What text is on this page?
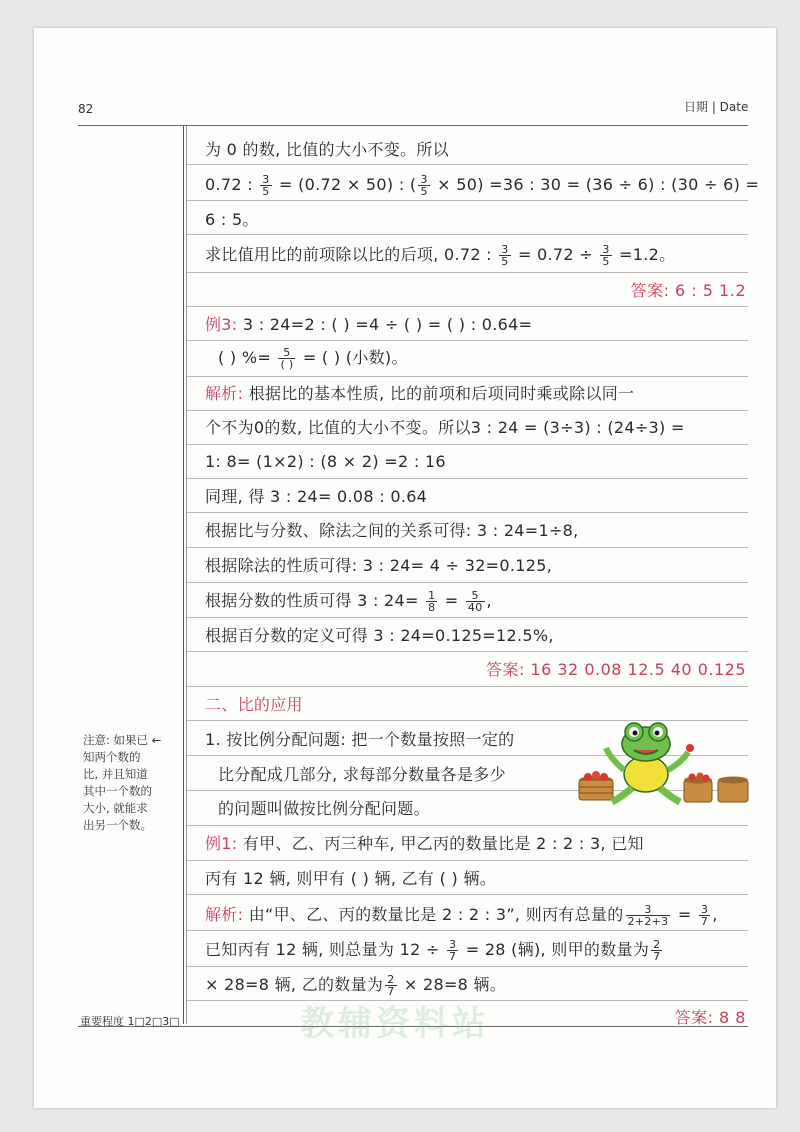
82	日期 | Date
为 0 的数, 比值的大小不变。所以
0.72 : $\frac{3}{5} = (0.72 \times 50)$ : ( $\frac{3}{5} \times 50) =36$ : 30 = (36 ÷ 6) : (30 ÷ 6) =
6 : 5。
求比值用比的前项除以比的后项, 0.72 : $\frac{3}{5} = 0.72 \div \frac{3}{5} =1.2$。
答案: 6 : 5 1.2
例3: 3 : 24=2 : ( ) =4 ÷ ( ) = ( ) : 0.64=
( ) %= $\frac{5}{( )}$ = ( ) (小数)。
解析: 根据比的基本性质, 比的前项和后项同时乘或除以同一
个不为0的数, 比值的大小不变。所以3 : 24 = (3÷3) : (24÷3) =
1: 8= (1×2) : (8 × 2) =2 : 16
同理, 得 3 : 24= 0.08 : 0.64
根据比与分数、除法之间的关系可得: 3 : 24=1÷8,
根据除法的性质可得: 3 : 24= 4 ÷ 32=0.125,
根据分数的性质可得 3 : $24= \frac{1}{8} = \frac{5}{40}$ ,
根据百分数的定义可得 3 : 24=0.125=12.5%,
答案: 16 32 0.08 12.5 40 0.125
二、比的应用
1. 按比例分配问题: 把一个数量按照一定的
比分配成几部分, 求每部分数量各是多少
的问题叫做按比例分配问题。
例1: 有甲、乙、丙三种车, 甲乙丙的数量比是 2 : 2 : 3, 已知
丙有 12 辆, 则甲有 ( ) 辆, 乙有 ( ) 辆。
解析: 由“甲、乙、丙的数量比是 2 : 2 : 3”, 则丙有总量的 $\frac{3}{2+2+3} = \frac{3}{7}$ ,
已知丙有 12 辆, 则总量为 $12 \div \frac{3}{7} = 28$ (辆), 则甲的数量为 $\frac{2}{7}$
× 28=8 辆, 乙的数量为 $\frac{2}{7} \times 28=8$ 辆。
答案: 8 8
注意: 如果已 ←
知两个数的
比, 并且知道
其中一个数的
大小, 就能求
出另一个数。
重要程度 1□2□3□	教辅资料站
